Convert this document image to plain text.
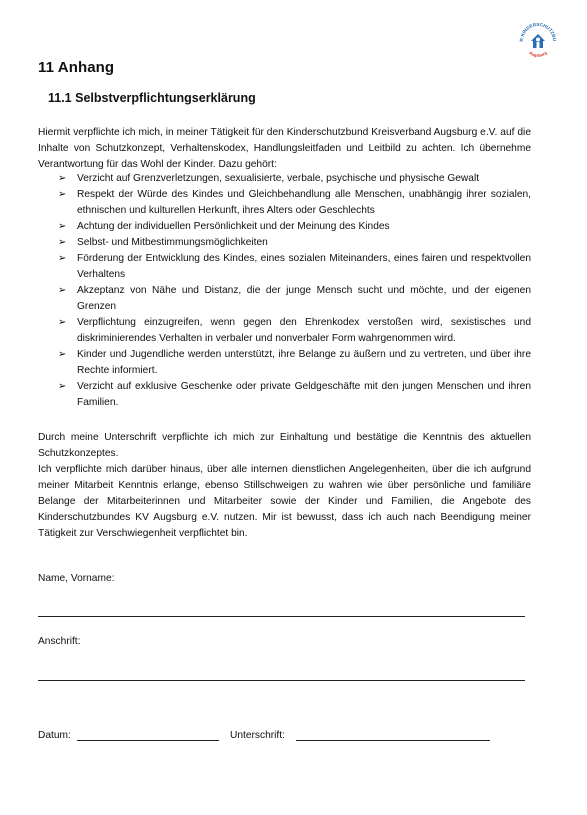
R KINDERSCHUTZBU
Augsburg
11 Anhang
11.1 Selbstverpflichtungserklärung
Hiermit verpflichte ich mich, in meiner Tätigkeit für den Kinderschutzbund Kreisverband Augsburg e.V. auf die Inhalte von Schutzkonzept, Verhaltenskodex, Handlungsleitfaden und Leitbild zu achten. Ich übernehme Verantwortung für das Wohl der Kinder. Dazu gehört:
➢ Verzicht auf Grenzverletzungen, sexualisierte, verbale, psychische und physische Gewalt
➢ Respekt der Würde des Kindes und Gleichbehandlung alle Menschen, unabhängig ihrer sozialen, ethnischen und kulturellen Herkunft, ihres Alters oder Geschlechts
➢ Achtung der individuellen Persönlichkeit und der Meinung des Kindes
➢ Selbst- und Mitbestimmungsmöglichkeiten
➢ Förderung der Entwicklung des Kindes, eines sozialen Miteinanders, eines fairen und respektvollen Verhaltens
➢ Akzeptanz von Nähe und Distanz, die der junge Mensch sucht und möchte, und der eigenen Grenzen
➢ Verpflichtung einzugreifen, wenn gegen den Ehrenkodex verstoßen wird, sexistisches und diskriminierendes Verhalten in verbaler und nonverbaler Form wahrgenommen wird.
➢ Kinder und Jugendliche werden unterstützt, ihre Belange zu äußern und zu vertreten, und über ihre Rechte informiert.
➢ Verzicht auf exklusive Geschenke oder private Geldgeschäfte mit den jungen Menschen und ihren Familien.
Durch meine Unterschrift verpflichte ich mich zur Einhaltung und bestätige die Kenntnis des aktuellen Schutzkonzeptes.
Ich verpflichte mich darüber hinaus, über alle internen dienstlichen Angelegenheiten, über die ich aufgrund meiner Mitarbeit Kenntnis erlange, ebenso Stillschweigen zu wahren wie über persönliche und familiäre Belange der Mitarbeiterinnen und Mitarbeiter sowie der Kinder und Familien, die Angebote des Kinderschutzbundes KV Augsburg e.V. nutzen. Mir ist bewusst, dass ich auch nach Beendigung meiner Tätigkeit zur Verschwiegenheit verpflichtet bin.
Name, Vorname:
Anschrift:
Datum:	Unterschrift:
